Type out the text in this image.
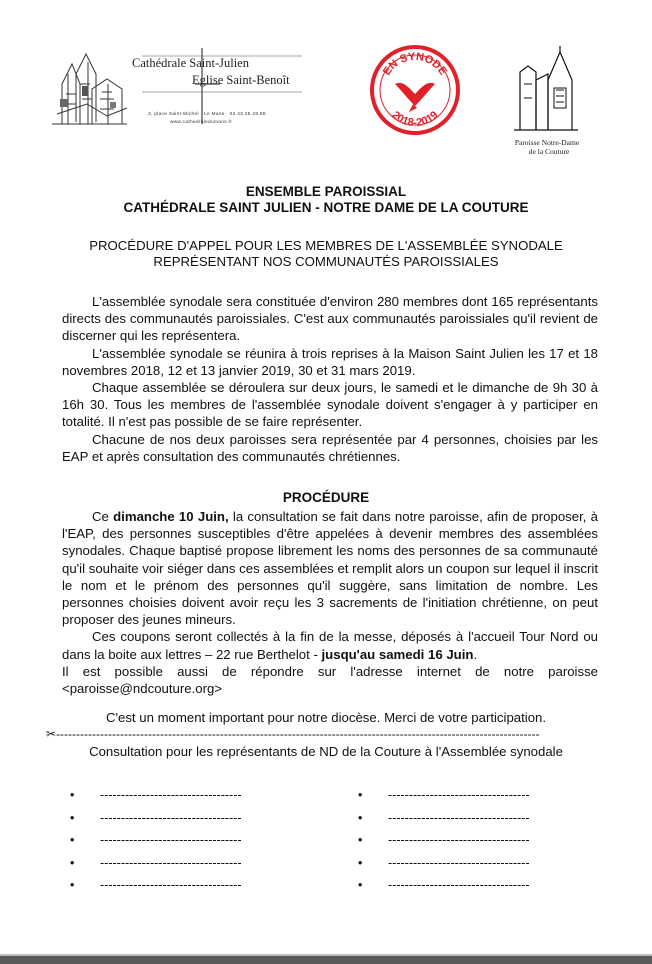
Cathédrale Saint-Julien
Eglise Saint-Benoît
3, place Saint-Michel · Le Mans · 02.43.28.28.98
www.cathedraledumans.fr
EN SYNODE
2018-2019
Paroisse Notre-Dame
de la Couture
ENSEMBLE PAROISSIAL
CATHÉDRALE SAINT JULIEN - NOTRE DAME DE LA COUTURE
PROCÉDURE D'APPEL POUR LES MEMBRES DE L'ASSEMBLÉE SYNODALE
REPRÉSENTANT NOS COMMUNAUTÉS PAROISSIALES

L'assemblée synodale sera constituée d'environ 280 membres dont 165 représentants directs des communautés paroissiales. C'est aux communautés paroissiales qu'il revient de discerner qui les représentera.

L'assemblée synodale se réunira à trois reprises à la Maison Saint Julien les 17 et 18 novembres 2018, 12 et 13 janvier 2019, 30 et 31 mars 2019.

Chaque assemblée se déroulera sur deux jours, le samedi et le dimanche de 9h 30 à 16h 30. Tous les membres de l'assemblée synodale doivent s'engager à y participer en totalité. Il n'est pas possible de se faire représenter.

Chacune de nos deux paroisses sera représentée par 4 personnes, choisies par les EAP et après consultation des communautés chrétiennes.

PROCÉDURE

Ce dimanche 10 Juin, la consultation se fait dans notre paroisse, afin de proposer, à l'EAP, des personnes susceptibles d'être appelées à devenir membres des assemblées synodales. Chaque baptisé propose librement les noms des personnes de sa communauté qu'il souhaite voir siéger dans ces assemblées et remplit alors un coupon sur lequel il inscrit le nom et le prénom des personnes qu'il suggère, sans limitation de nombre. Les personnes choisies doivent avoir reçu les 3 sacrements de l'initiation chrétienne, on peut proposer des jeunes mineurs.

Ces coupons seront collectés à la fin de la messe, déposés à l'accueil Tour Nord ou dans la boite aux lettres – 22 rue Berthelot - jusqu'au samedi 16 Juin.

Il est possible aussi de répondre sur l'adresse internet de notre paroisse <paroisse@ndcouture.org>

C'est un moment important pour notre diocèse. Merci de votre participation.
✂-------------------------------------------------------------------------------------------------------------------------
Consultation pour les représentants de ND de la Couture à l'Assemblée synodale
• ----------------------------------
• ----------------------------------
• ----------------------------------
• ----------------------------------
• ----------------------------------
• ----------------------------------
• ----------------------------------
• ----------------------------------
• ----------------------------------
• ----------------------------------
